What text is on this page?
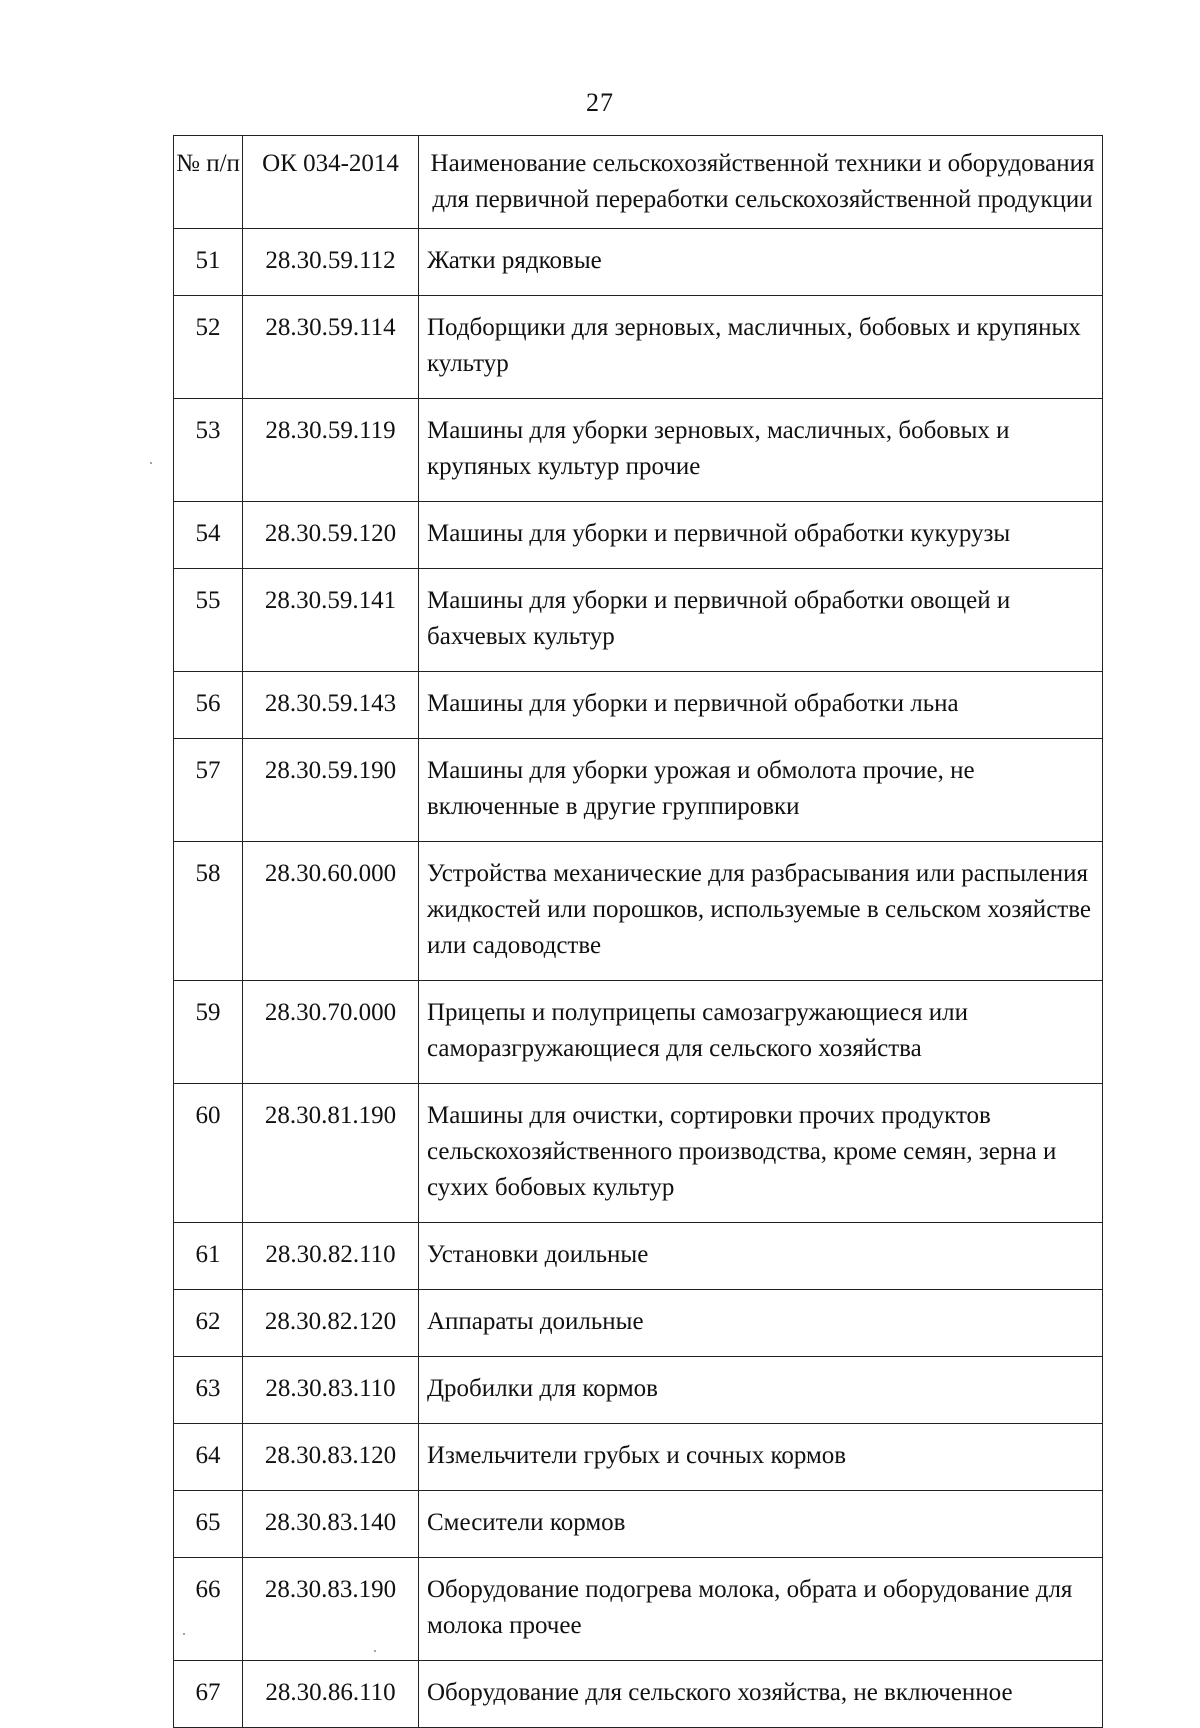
27
№ п/п	ОК 034-2014	Наименование сельскохозяйственной техники и оборудования для первичной переработки сельскохозяйственной продукции
51	28.30.59.112	Жатки рядковые
52	28.30.59.114	Подборщики для зерновых, масличных, бобовых и крупяных культур
53	28.30.59.119	Машины для уборки зерновых, масличных, бобовых и крупяных культур прочие
54	28.30.59.120	Машины для уборки и первичной обработки кукурузы
55	28.30.59.141	Машины для уборки и первичной обработки овощей и бахчевых культур
56	28.30.59.143	Машины для уборки и первичной обработки льна
57	28.30.59.190	Машины для уборки урожая и обмолота прочие, не включенные в другие группировки
58	28.30.60.000	Устройства механические для разбрасывания или распыления жидкостей или порошков, используемые в сельском хозяйстве или садоводстве
59	28.30.70.000	Прицепы и полуприцепы самозагружающиеся или саморазгружающиеся для сельского хозяйства
60	28.30.81.190	Машины для очистки, сортировки прочих продуктов сельскохозяйственного производства, кроме семян, зерна и сухих бобовых культур
61	28.30.82.110	Установки доильные
62	28.30.82.120	Аппараты доильные
63	28.30.83.110	Дробилки для кормов
64	28.30.83.120	Измельчители грубых и сочных кормов
65	28.30.83.140	Смесители кормов
66	28.30.83.190	Оборудование подогрева молока, обрата и оборудование для молока прочее
67	28.30.86.110	Оборудование для сельского хозяйства, не включенное
